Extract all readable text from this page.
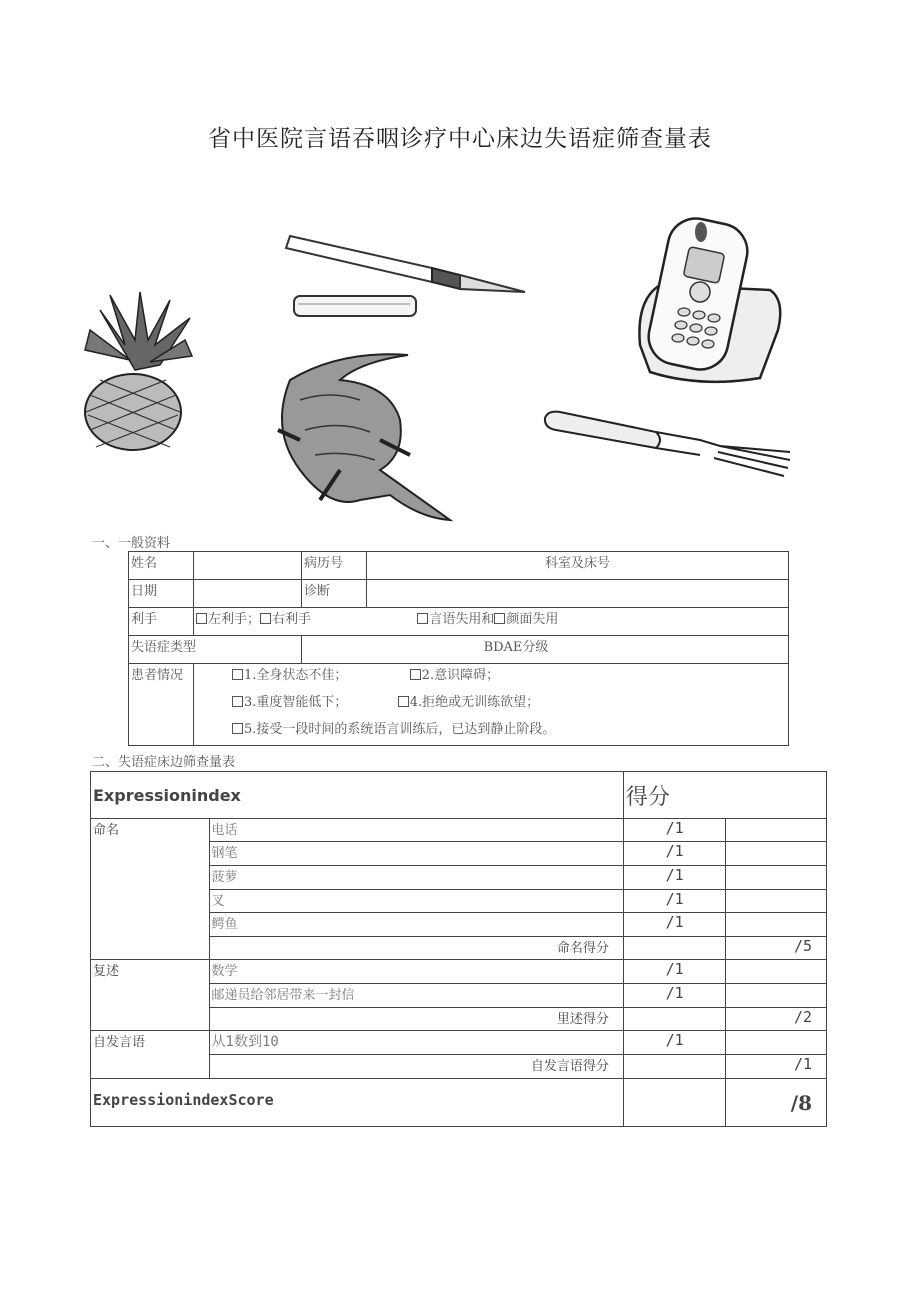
省中医院言语吞咽诊疗中心床边失语症筛查量表
一、一般资料
姓名		病历号	科室及床号
日期		诊断	
利手	左利手； 右利手 言语失用和 颜面失用		
失语症类型		BDAE分级	
患者情况	1.全身状态不佳； 2.意识障碍；		
	3.重度智能低下； 4.拒绝或无训练欲望；		
	5.接受一段时间的系统语言训练后，已达到静止阶段。		
二、失语症床边筛查量表
Expressionindex		得分	
命名	电话	/1	
	钢笔	/1	
	菠萝	/1	
	叉	/1	
	鳄鱼	/1	
	命名得分		/5
复述	数学	/1	
	邮递员给邻居带来一封信	/1	
	里述得分		/2
自发言语	从1数到10	/1	
	自发言语得分		/1
ExpressionindexScore			/8
